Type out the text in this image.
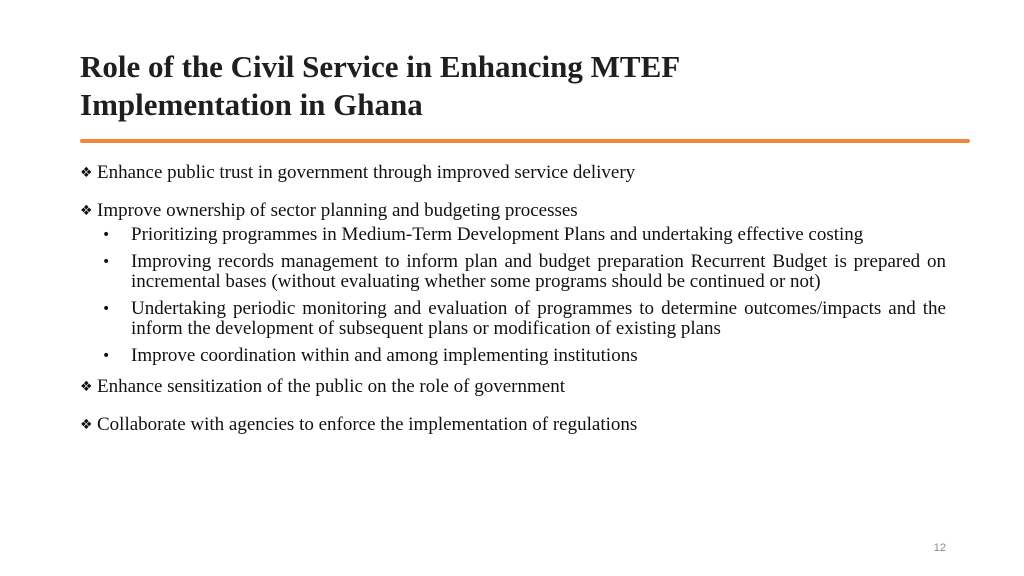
Role of the Civil Service in Enhancing MTEF
Implementation in Ghana
❖ Enhance public trust in government through improved service delivery
❖ Improve ownership of sector planning and budgeting processes
•	Prioritizing programmes in Medium-Term Development Plans and undertaking effective costing
•	Improving records management to inform plan and budget preparation Recurrent Budget is prepared on incremental bases (without evaluating whether some programs should be continued or not)
•	Undertaking periodic monitoring and evaluation of programmes to determine outcomes/impacts and the inform the development of subsequent plans or modification of existing plans
•	Improve coordination within and among implementing institutions
❖ Enhance sensitization of the public on the role of government
❖ Collaborate with agencies to enforce the implementation of regulations
12
